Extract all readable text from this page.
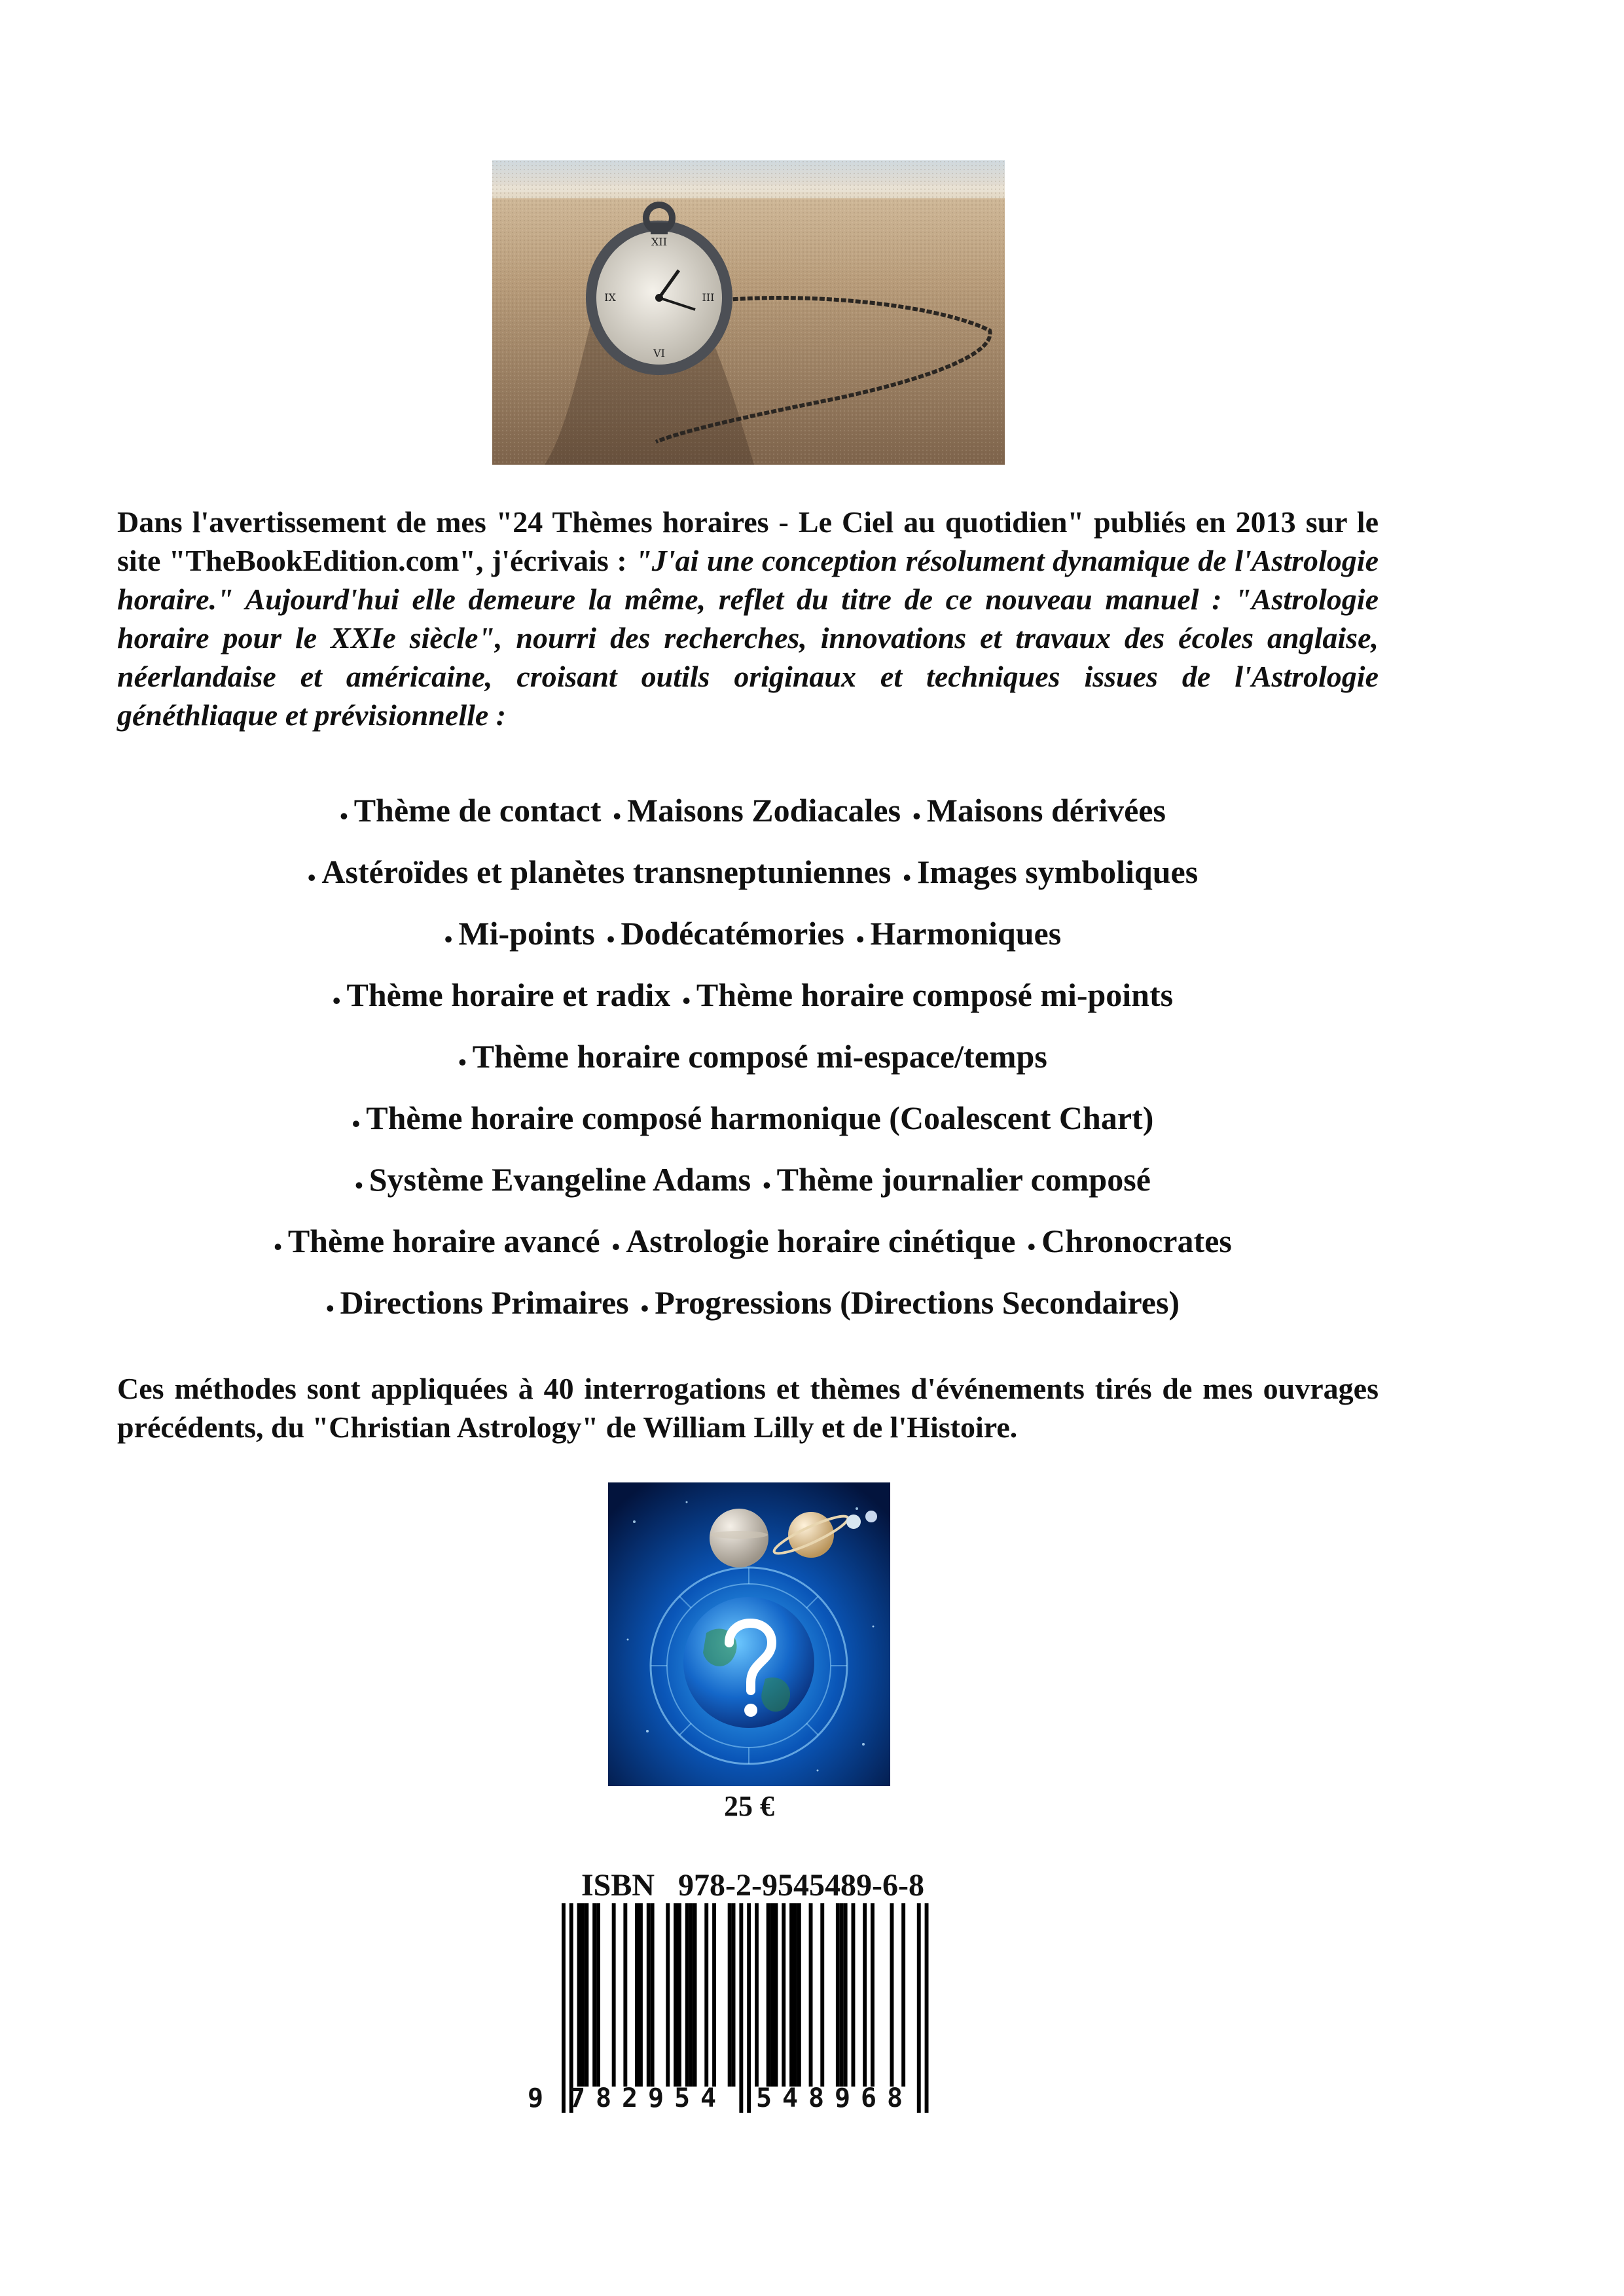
XII
III
VI
IX

Dans l'avertissement de mes "24 Thèmes horaires - Le Ciel au quotidien" publiés en 2013 sur le site "TheBookEdition.com", j'écrivais : "J'ai une conception résolument dynamique de l'Astrologie horaire." Aujourd'hui elle demeure la même, reflet du titre de ce nouveau manuel : "Astrologie horaire pour le XXIe siècle", nourri des recherches, innovations et travaux des écoles anglaise, néerlandaise et américaine, croisant outils originaux et techniques issues de l'Astrologie généthliaque et prévisionnelle :

• Thème de contact • Maisons Zodiacales • Maisons dérivées
• Astéroïdes et planètes transneptuniennes • Images symboliques
• Mi-points • Dodécatémories • Harmoniques
• Thème horaire et radix • Thème horaire composé mi-points
• Thème horaire composé mi-espace/temps
• Thème horaire composé harmonique (Coalescent Chart)
• Système Evangeline Adams • Thème journalier composé
• Thème horaire avancé • Astrologie horaire cinétique • Chronocrates
• Directions Primaires • Progressions (Directions Secondaires)

Ces méthodes sont appliquées à 40 interrogations et thèmes d'événements tirés de mes ouvrages précédents, du "Christian Astrology" de William Lilly et de l'Histoire.

25 €
ISBN   978-2-9545489-6-8
9 7 8 2 9 5 4 5 4 8 9 6 8
